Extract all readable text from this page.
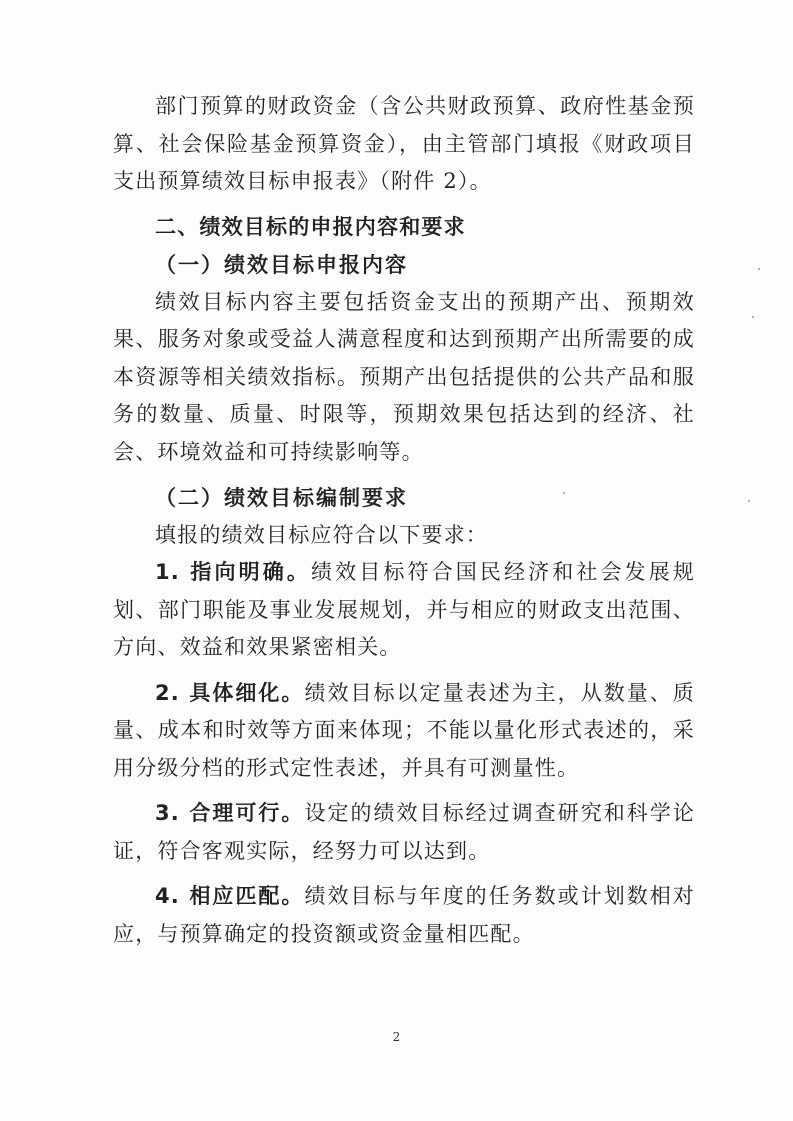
部门预算的财政资金（含公共财政预算、政府性基金预算、社会保险基金预算资金），由主管部门填报《财政项目支出预算绩效目标申报表》（附件 2）。

二、绩效目标的申报内容和要求

（一）绩效目标申报内容

绩效目标内容主要包括资金支出的预期产出、预期效果、服务对象或受益人满意程度和达到预期产出所需要的成本资源等相关绩效指标。预期产出包括提供的公共产品和服务的数量、质量、时限等，预期效果包括达到的经济、社会、环境效益和可持续影响等。

（二）绩效目标编制要求

填报的绩效目标应符合以下要求：

1. 指向明确。绩效目标符合国民经济和社会发展规划、部门职能及事业发展规划，并与相应的财政支出范围、方向、效益和效果紧密相关。

2. 具体细化。绩效目标以定量表述为主，从数量、质量、成本和时效等方面来体现；不能以量化形式表述的，采用分级分档的形式定性表述，并具有可测量性。

3. 合理可行。设定的绩效目标经过调查研究和科学论证，符合客观实际，经努力可以达到。

4. 相应匹配。绩效目标与年度的任务数或计划数相对应，与预算确定的投资额或资金量相匹配。

2
